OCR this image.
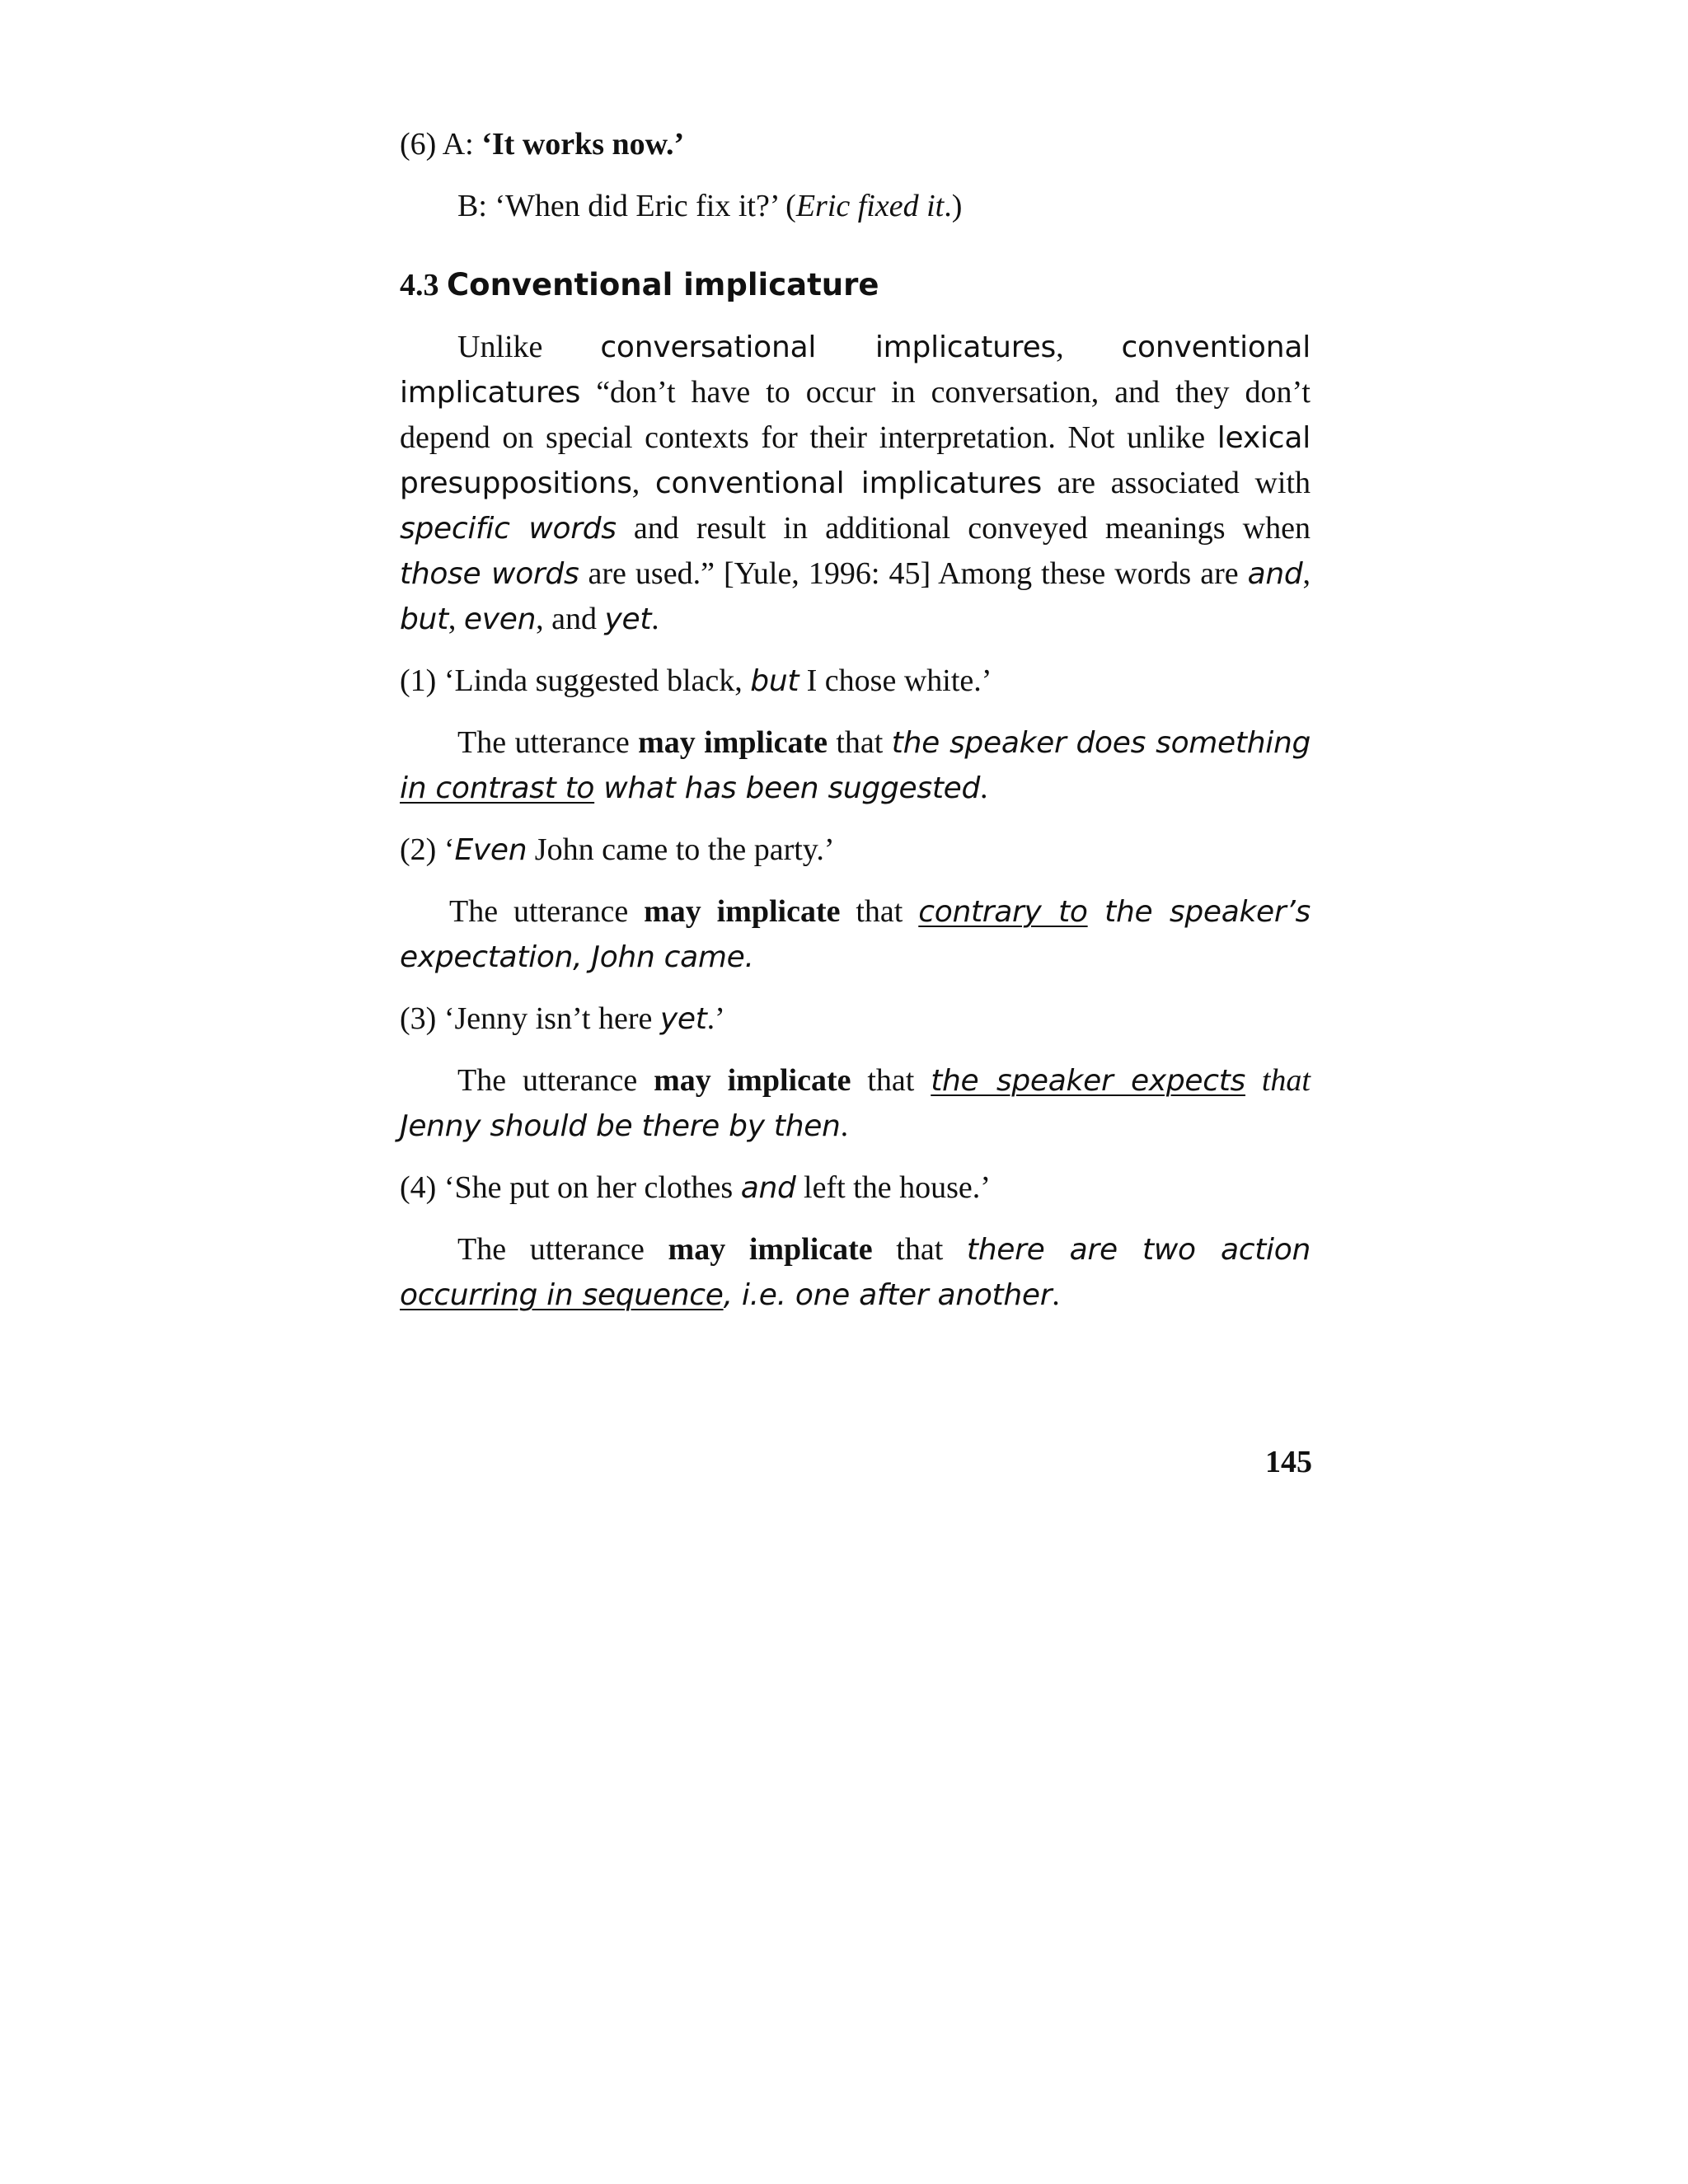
(6) A: ‘It works now.’

B: ‘When did Eric fix it?’ (Eric fixed it.)

4.3 Conventional implicature

Unlike conversational implicatures, conventional implicatures “don’t have to occur in conversation, and they don’t depend on special contexts for their interpretation. Not unlike lexical presuppositions, conventional implicatures are associated with specific words and result in additional conveyed meanings when those words are used.” [Yule, 1996: 45] Among these words are and, but, even, and yet.

(1) ‘Linda suggested black, but I chose white.’

The utterance may implicate that the speaker does something in contrast to what has been suggested.

(2) ‘Even John came to the party.’

The utterance may implicate that contrary to the speaker’s expectation, John came.

(3) ‘Jenny isn’t here yet.’

The utterance may implicate that the speaker expects that Jenny should be there by then.

(4) ‘She put on her clothes and left the house.’

The utterance may implicate that there are two action occurring in sequence, i.e. one after another.

145
